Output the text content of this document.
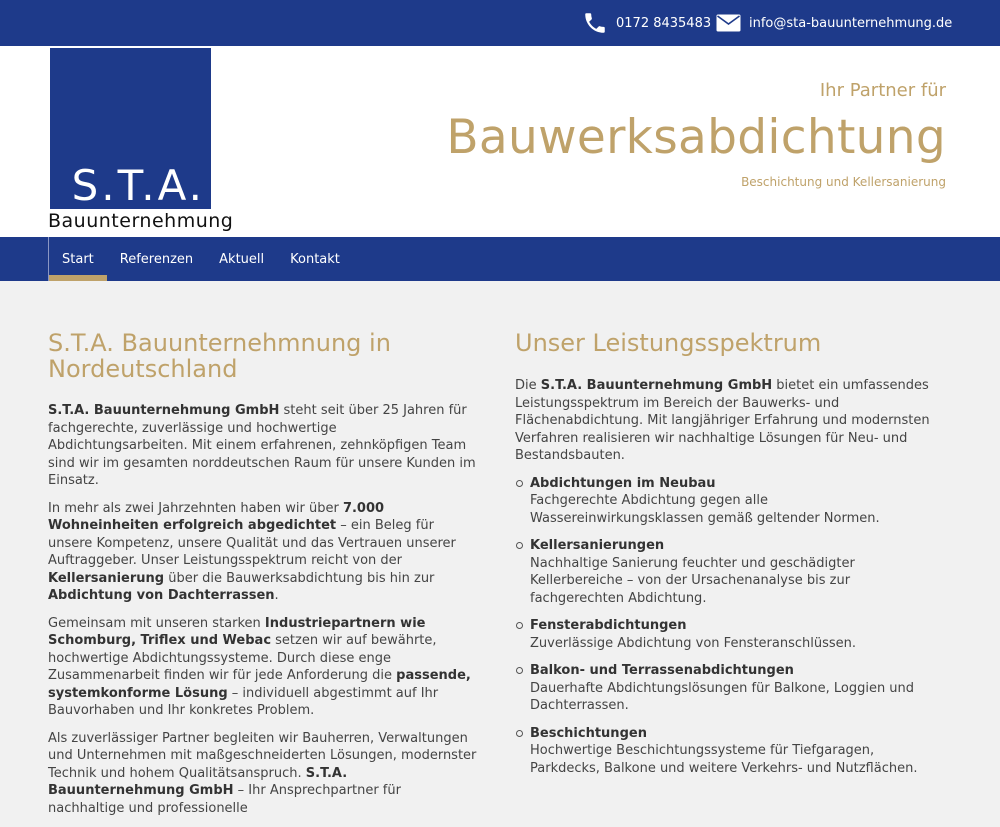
0172 8435483	info@sta-bauunternehmung.de
S.T.A.
Bauunternehmung
Ihr Partner für
Bauwerksabdichtung
Beschichtung und Kellersanierung
Start	Referenzen	Aktuell	Kontakt
S.T.A. Bauunternehmnung in Nordeutschland

S.T.A. Bauunternehmung GmbH steht seit über 25 Jahren für fachgerechte, zuverlässige und hochwertige Abdichtungsarbeiten. Mit einem erfahrenen, zehnköpfigen Team sind wir im gesamten norddeutschen Raum für unsere Kunden im Einsatz.

In mehr als zwei Jahrzehnten haben wir über 7.000 Wohneinheiten erfolgreich abgedichtet – ein Beleg für unsere Kompetenz, unsere Qualität und das Vertrauen unserer Auftraggeber. Unser Leistungsspektrum reicht von der Kellersanierung über die Bauwerksabdichtung bis hin zur Abdichtung von Dachterrassen.

Gemeinsam mit unseren starken Industriepartnern wie Schomburg, Triflex und Webac setzen wir auf bewährte, hochwertige Abdichtungssysteme. Durch diese enge Zusammenarbeit finden wir für jede Anforderung die passende, systemkonforme Lösung – individuell abgestimmt auf Ihr Bauvorhaben und Ihr konkretes Problem.

Als zuverlässiger Partner begleiten wir Bauherren, Verwaltungen und Unternehmen mit maßgeschneiderten Lösungen, modernster Technik und hohem Qualitätsanspruch. S.T.A. Bauunternehmung GmbH – Ihr Ansprechpartner für nachhaltige und professionelle

Unser Leistungsspektrum

Die S.T.A. Bauunternehmung GmbH bietet ein umfassendes Leistungsspektrum im Bereich der Bauwerks- und Flächenabdichtung. Mit langjähriger Erfahrung und modernsten Verfahren realisieren wir nachhaltige Lösungen für Neu- und Bestandsbauten.

Abdichtungen im Neubau
Fachgerechte Abdichtung gegen alle Wassereinwirkungsklassen gemäß geltender Normen.
Kellersanierungen
Nachhaltige Sanierung feuchter und geschädigter Kellerbereiche – von der Ursachenanalyse bis zur fachgerechten Abdichtung.
Fensterabdichtungen
Zuverlässige Abdichtung von Fensteranschlüssen.
Balkon- und Terrassenabdichtungen
Dauerhafte Abdichtungslösungen für Balkone, Loggien und Dachterrassen.
Beschichtungen
Hochwertige Beschichtungssysteme für Tiefgaragen, Parkdecks, Balkone und weitere Verkehrs- und Nutzflächen.
